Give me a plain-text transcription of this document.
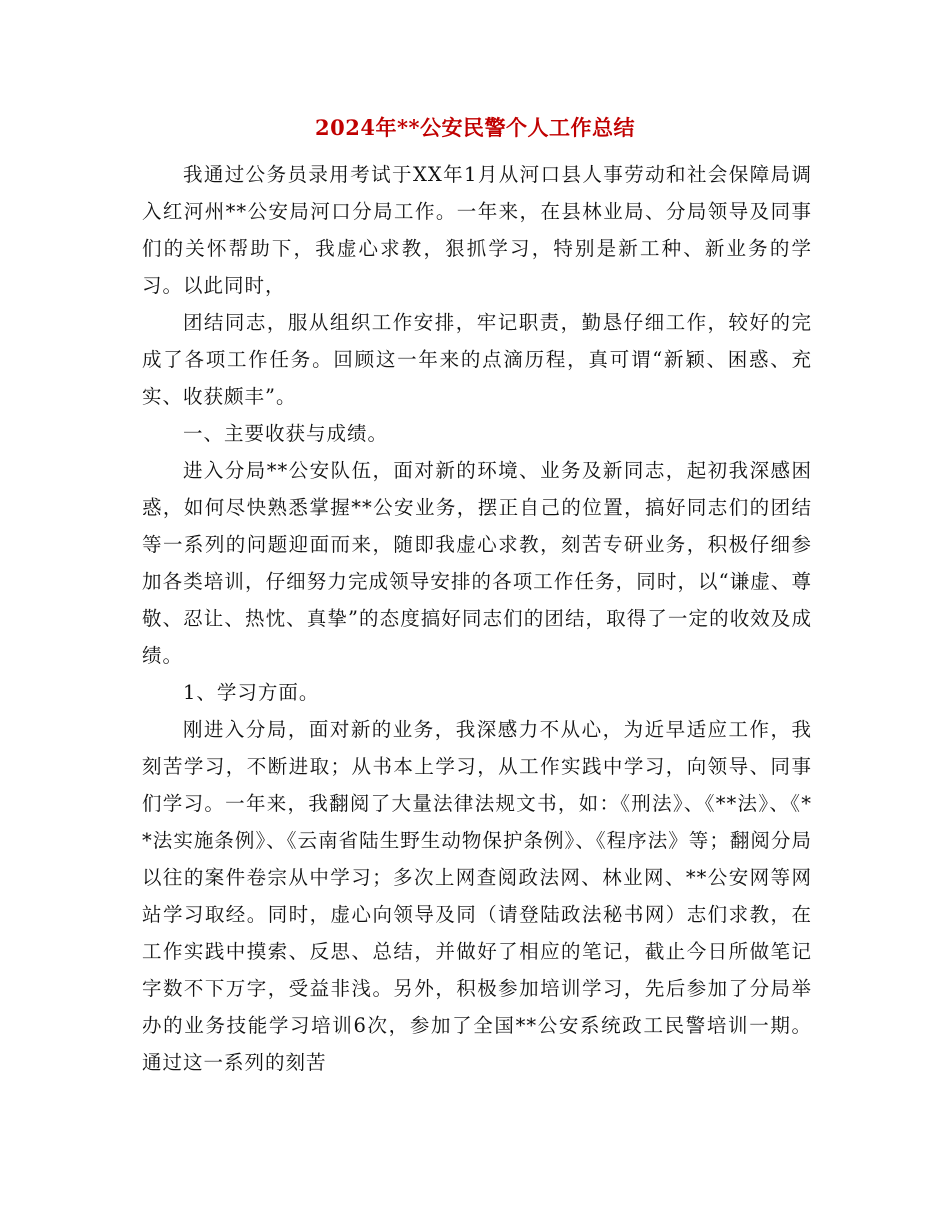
2024年**公安民警个人工作总结

我通过公务员录用考试于XX年1月从河口县人事劳动和社会保障局调入红河州**公安局河口分局工作。一年来，在县林业局、分局领导及同事们的关怀帮助下，我虚心求教，狠抓学习，特别是新工种、新业务的学习。以此同时，

团结同志，服从组织工作安排，牢记职责，勤恳仔细工作，较好的完成了各项工作任务。回顾这一年来的点滴历程，真可谓“新颖、困惑、充实、收获颇丰”。

一、主要收获与成绩。

进入分局**公安队伍，面对新的环境、业务及新同志，起初我深感困惑，如何尽快熟悉掌握**公安业务，摆正自己的位置，搞好同志们的团结等一系列的问题迎面而来，随即我虚心求教，刻苦专研业务，积极仔细参加各类培训，仔细努力完成领导安排的各项工作任务，同时，以“谦虚、尊敬、忍让、热忱、真挚”的态度搞好同志们的团结，取得了一定的收效及成绩。

1、学习方面。

刚进入分局，面对新的业务，我深感力不从心，为近早适应工作，我刻苦学习，不断进取；从书本上学习，从工作实践中学习，向领导、同事们学习。一年来，我翻阅了大量法律法规文书，如：《刑法》、《**法》、《**法实施条例》、《云南省陆生野生动物保护条例》、《程序法》等；翻阅分局以往的案件卷宗从中学习；多次上网查阅政法网、林业网、**公安网等网站学习取经。同时，虚心向领导及同（请登陆政法秘书网）志们求教，在工作实践中摸索、反思、总结，并做好了相应的笔记，截止今日所做笔记字数不下万字，受益非浅。另外，积极参加培训学习，先后参加了分局举办的业务技能学习培训6次，参加了全国**公安系统政工民警培训一期。通过这一系列的刻苦
